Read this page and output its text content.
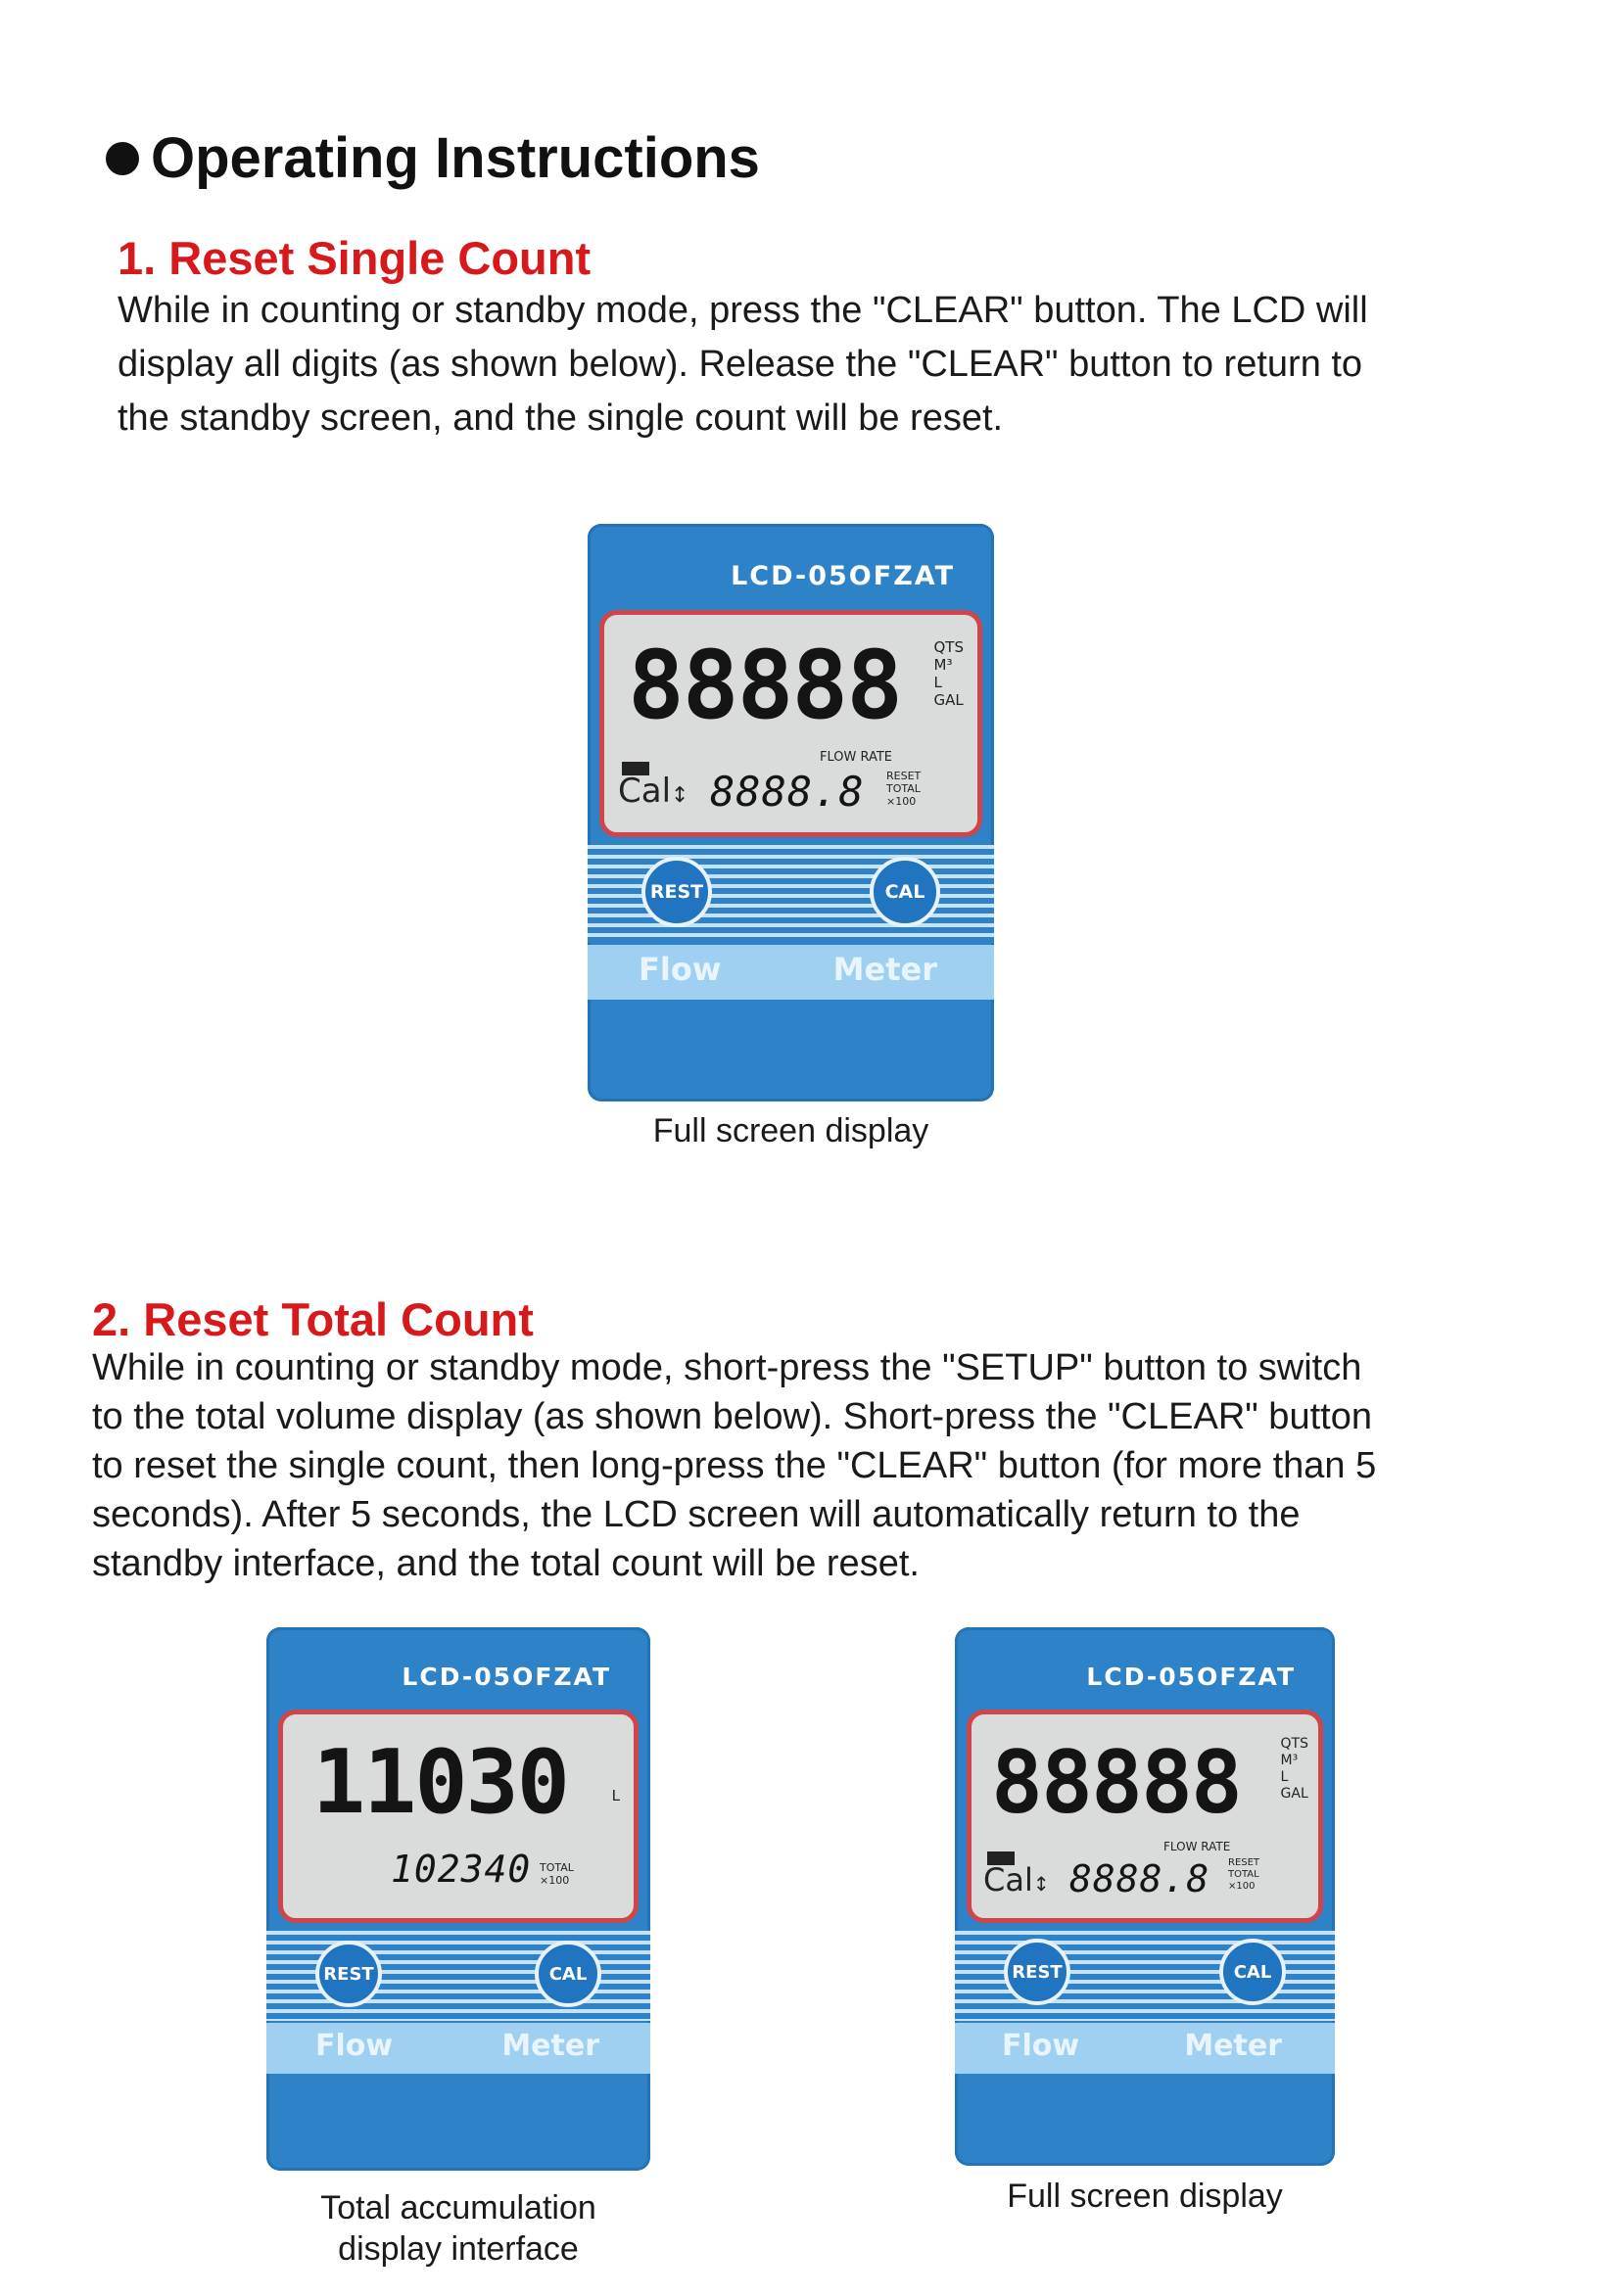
Operating Instructions
1. Reset Single Count
While in counting or standby mode, press the "CLEAR" button. The LCD will
display all digits (as shown below). Release the "CLEAR" button to return to
the standby screen, and the single count will be reset.
LCD-05OFZAT
88888 QTS
M³
L
GAL
FLOW RATE
Cal↕ 8888.8 RESET
TOTAL
×100
REST	CAL
Flow	Meter
Full screen display
2. Reset Total Count
While in counting or standby mode, short-press the "SETUP" button to switch
to the total volume display (as shown below). Short-press the "CLEAR" button
to reset the single count, then long-press the "CLEAR" button (for more than 5
seconds). After 5 seconds, the LCD screen will automatically return to the
standby interface, and the total count will be reset.
LCD-05OFZAT
11030	L
102340 TOTAL
×100
REST	CAL
Flow	Meter
Total accumulation
display interface
LCD-05OFZAT
88888	QTS
M³
L
GAL
FLOW RATE
Cal↕ 8888.8 RESET
TOTAL
×100
REST	CAL
Flow	Meter
Full screen display
